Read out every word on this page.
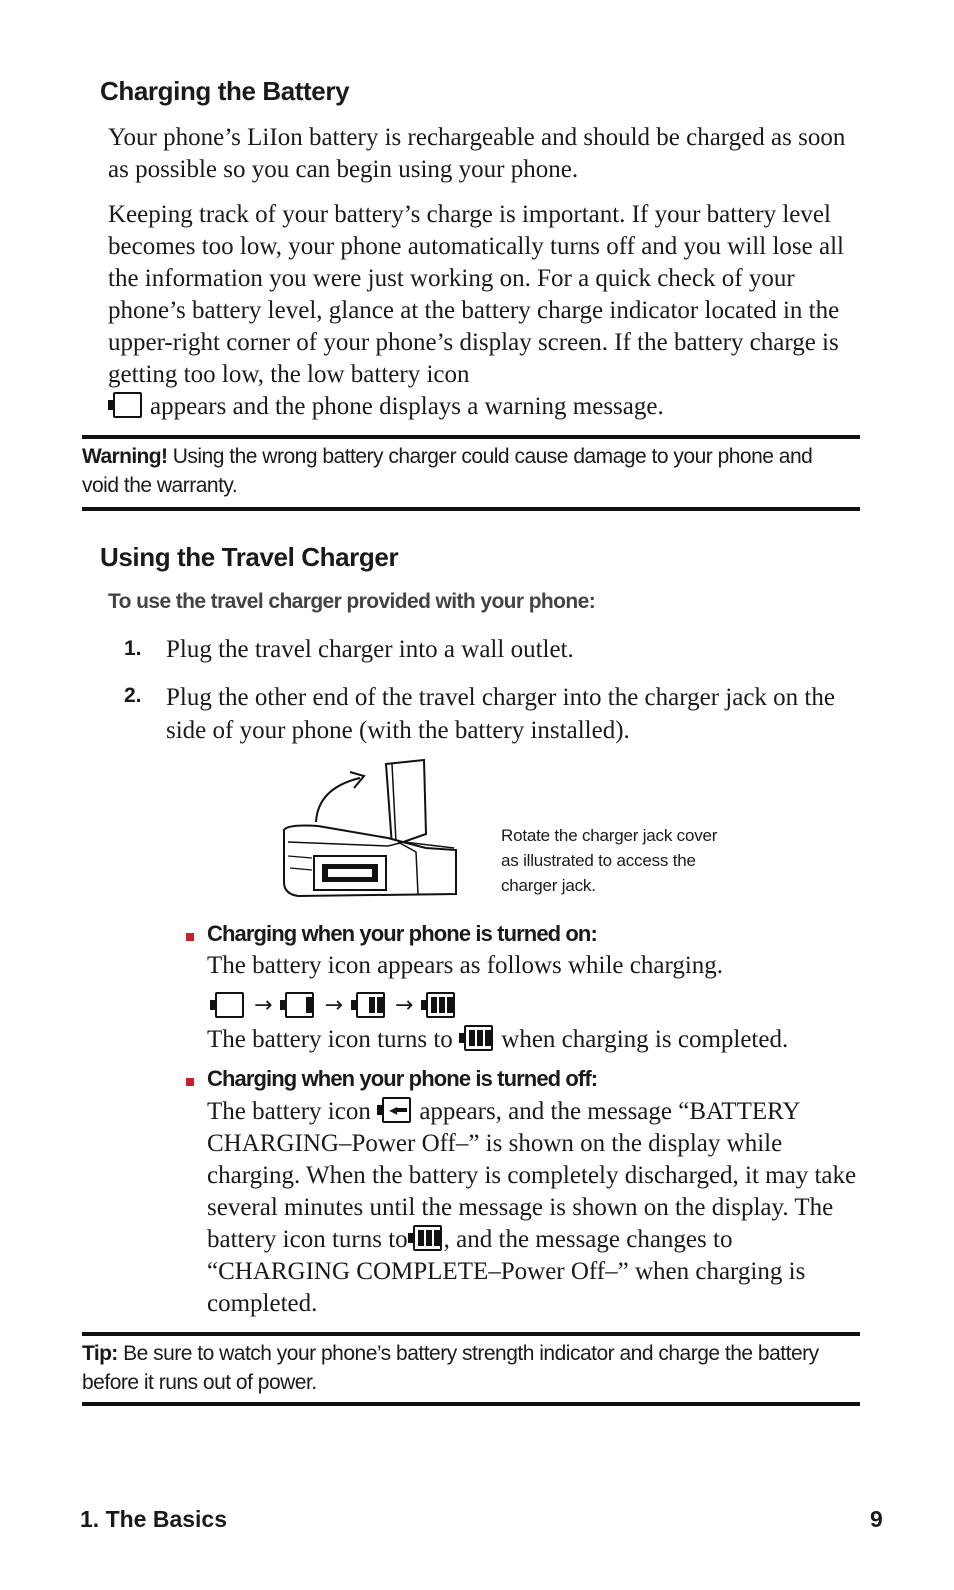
Charging the Battery

Your phone’s LiIon battery is rechargeable and should be charged as soon as possible so you can begin using your phone.

Keeping track of your battery’s charge is important. If your battery level becomes too low, your phone automatically turns off and you will lose all the information you were just working on. For a quick check of your phone’s battery level, glance at the battery charge indicator located in the upper-right corner of your phone’s display screen. If the battery charge is getting too low, the low battery icon

appears and the phone displays a warning message.
Warning! Using the wrong battery charger could cause damage to your phone and void the warranty.
Using the Travel Charger
To use the travel charger provided with your phone:
1. Plug the travel charger into a wall outlet.
2. Plug the other end of the travel charger into the charger jack on the side of your phone (with the battery installed).
Rotate the charger jack cover as illustrated to access the charger jack.
Charging when your phone is turned on:
The battery icon appears as follows while charging.
→ → →
The battery icon turns to when charging is completed.
Charging when your phone is turned off:
The battery icon ◂ appears, and the message “BATTERY CHARGING–Power Off–” is shown on the display while charging. When the battery is completely discharged, it may take several minutes until the message is shown on the display. The battery icon turns to , and the message changes to “CHARGING COMPLETE–Power Off–” when charging is completed.
Tip: Be sure to watch your phone’s battery strength indicator and charge the battery before it runs out of power.
1. The Basics	9
